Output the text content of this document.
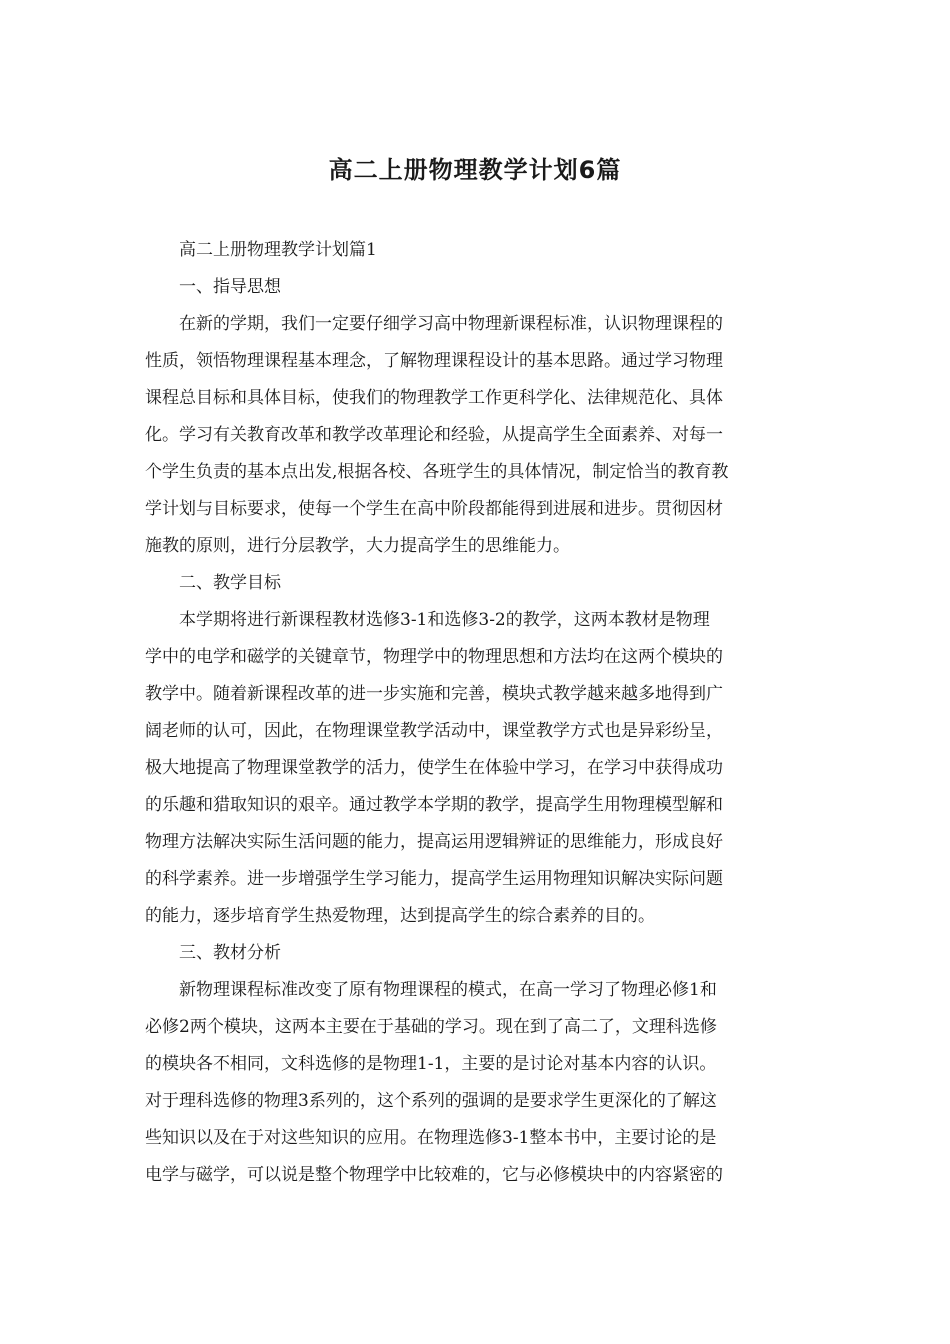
高二上册物理教学计划6篇

高二上册物理教学计划篇1

一、指导思想

在新的学期，我们一定要仔细学习高中物理新课程标准，认识物理课程的
性质，领悟物理课程基本理念，了解物理课程设计的基本思路。通过学习物理
课程总目标和具体目标，使我们的物理教学工作更科学化、法律规范化、具体
化。学习有关教育改革和教学改革理论和经验，从提高学生全面素养、对每一
个学生负责的基本点出发,根据各校、各班学生的具体情况，制定恰当的教育教
学计划与目标要求，使每一个学生在高中阶段都能得到进展和进步。贯彻因材
施教的原则，进行分层教学，大力提高学生的思维能力。

二、教学目标

本学期将进行新课程教材选修3-1和选修3-2的教学，这两本教材是物理
学中的电学和磁学的关键章节，物理学中的物理思想和方法均在这两个模块的
教学中。随着新课程改革的进一步实施和完善，模块式教学越来越多地得到广
阔老师的认可，因此，在物理课堂教学活动中，课堂教学方式也是异彩纷呈，
极大地提高了物理课堂教学的活力，使学生在体验中学习，在学习中获得成功
的乐趣和猎取知识的艰辛。通过教学本学期的教学，提高学生用物理模型解和
物理方法解决实际生活问题的能力，提高运用逻辑辨证的思维能力，形成良好
的科学素养。进一步增强学生学习能力，提高学生运用物理知识解决实际问题
的能力，逐步培育学生热爱物理，达到提高学生的综合素养的目的。

三、教材分析

新物理课程标准改变了原有物理课程的模式，在高一学习了物理必修1和
必修2两个模块，这两本主要在于基础的学习。现在到了高二了，文理科选修
的模块各不相同，文科选修的是物理1-1，主要的是讨论对基本内容的认识。
对于理科选修的物理3系列的，这个系列的强调的是要求学生更深化的了解这
些知识以及在于对这些知识的应用。在物理选修3-1整本书中，主要讨论的是
电学与磁学，可以说是整个物理学中比较难的，它与必修模块中的内容紧密的
